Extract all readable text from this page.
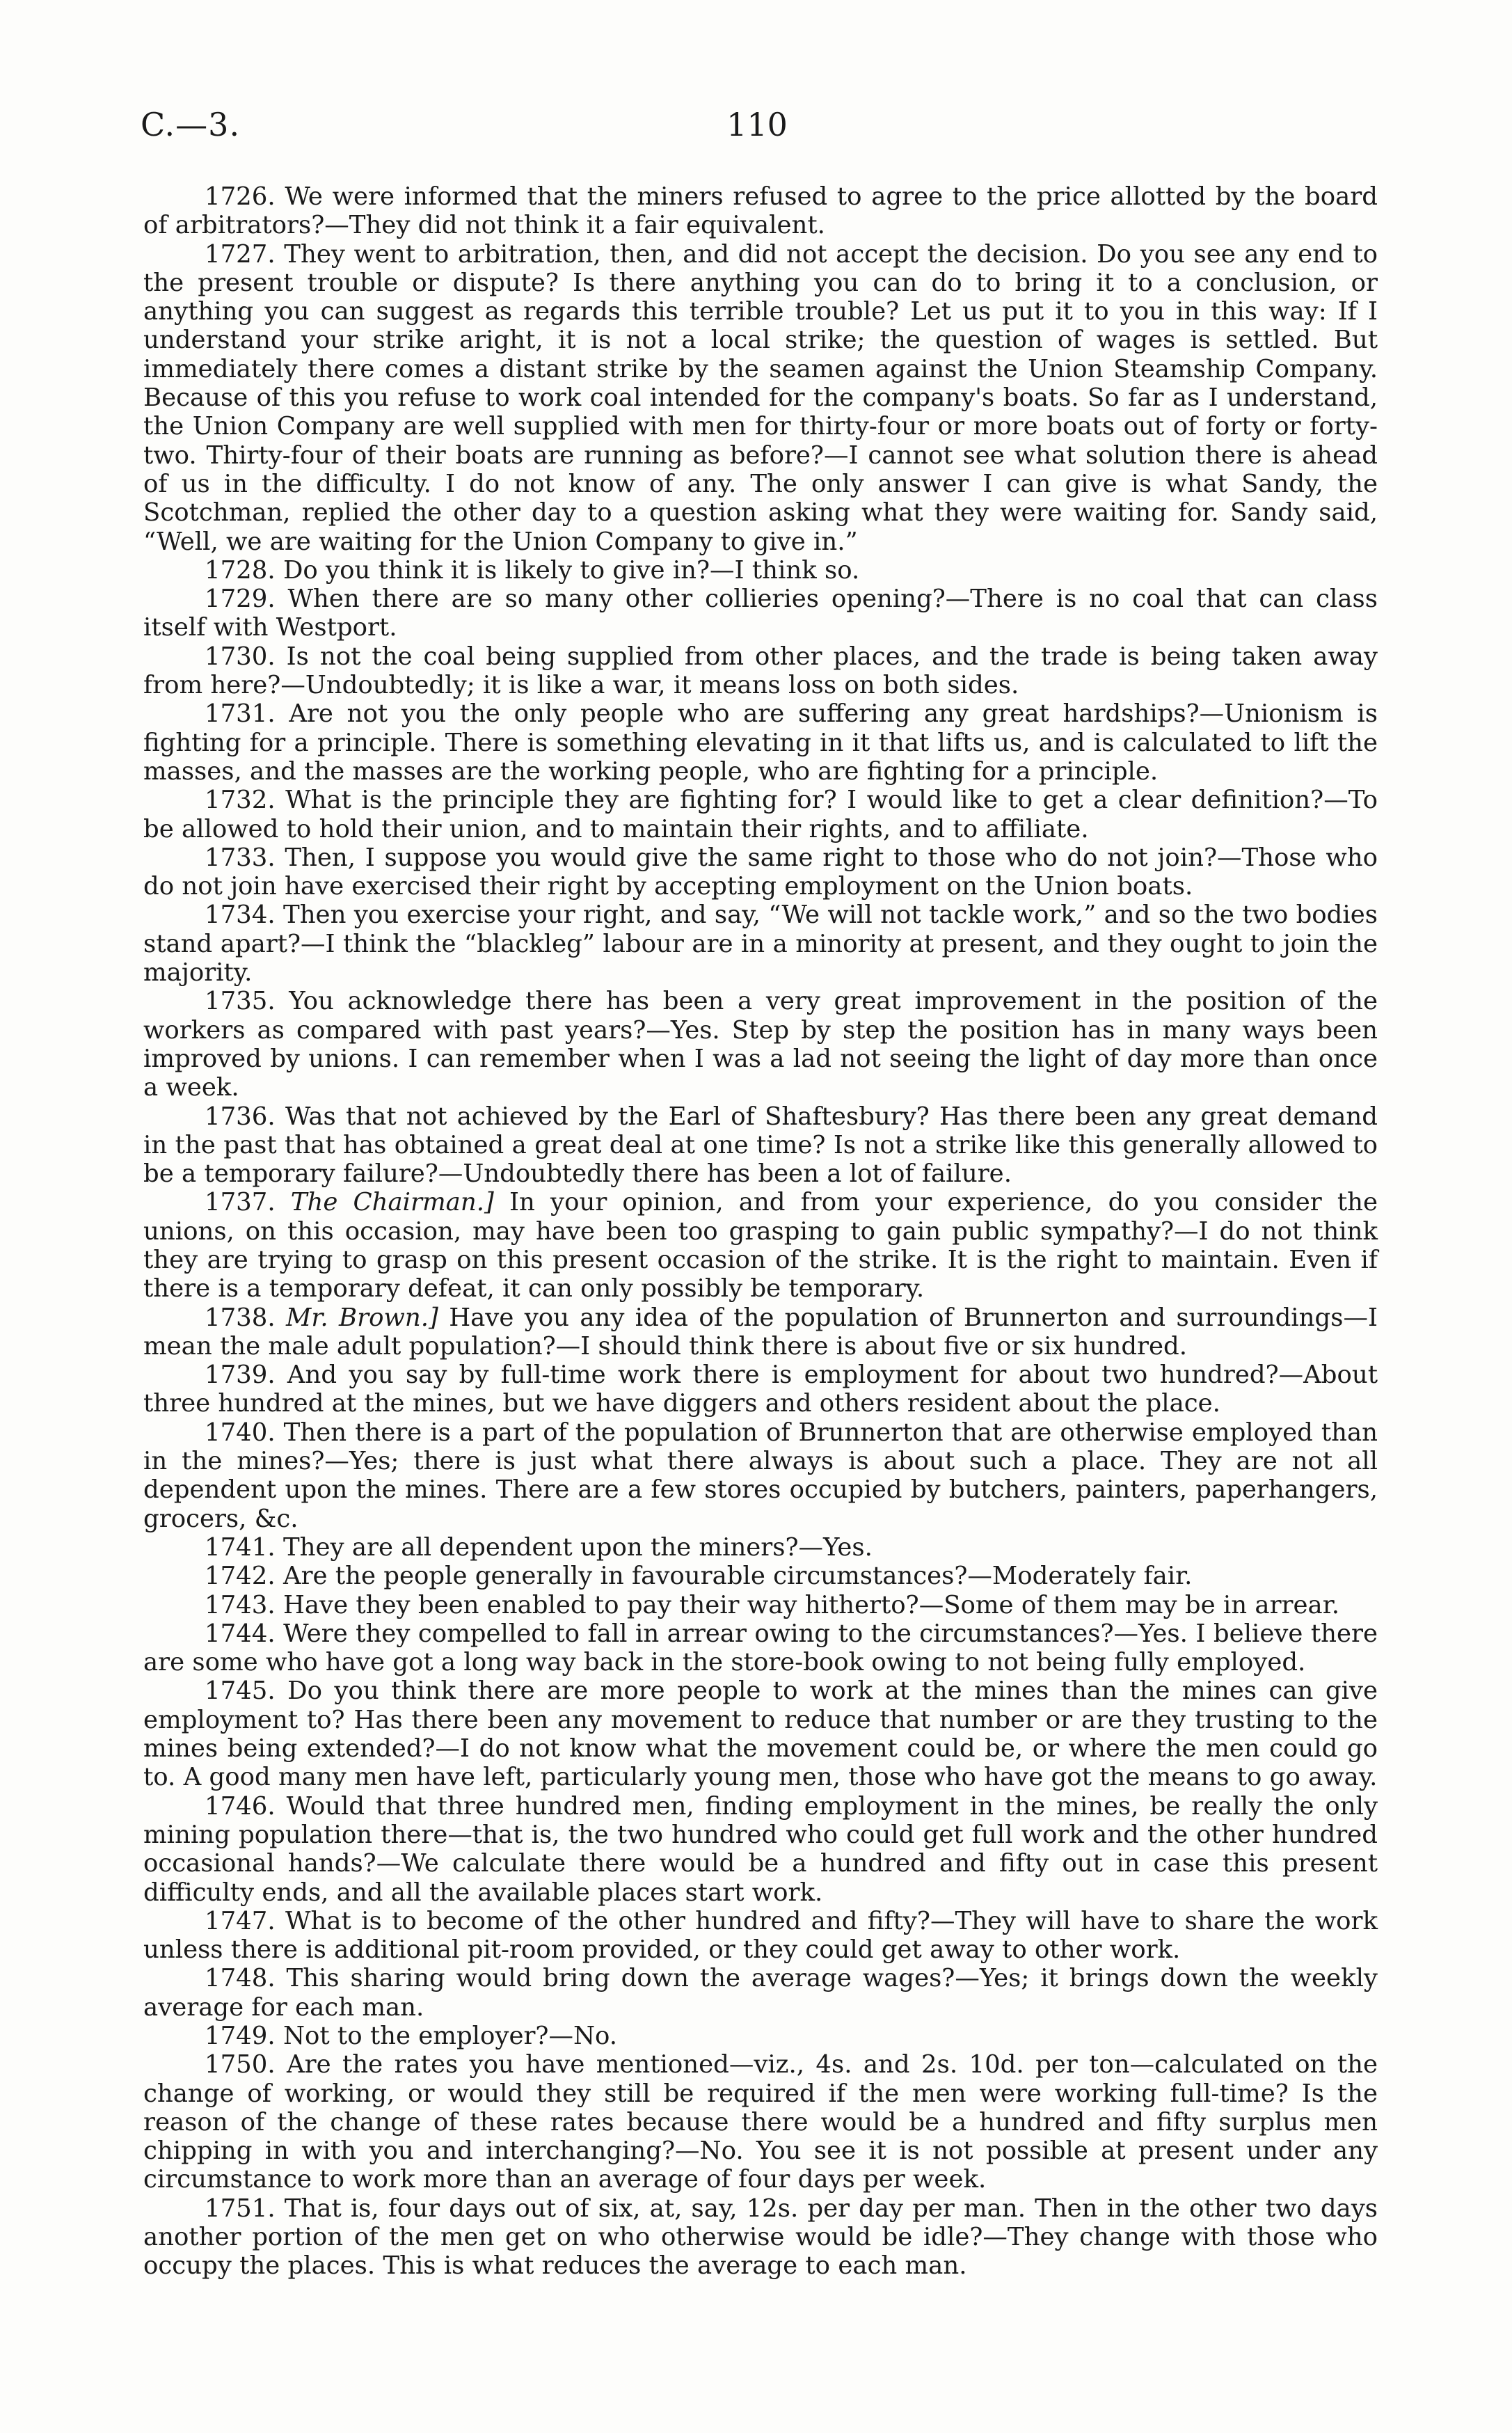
C.—3.	110

1726. We were informed that the miners refused to agree to the price allotted by the board of arbitrators?—They did not think it a fair equivalent.

1727. They went to arbitration, then, and did not accept the decision. Do you see any end to the present trouble or dispute? Is there anything you can do to bring it to a conclusion, or anything you can suggest as regards this terrible trouble? Let us put it to you in this way: If I understand your strike aright, it is not a local strike; the question of wages is settled. But immediately there comes a distant strike by the seamen against the Union Steamship Company. Because of this you refuse to work coal intended for the company's boats. So far as I understand, the Union Company are well supplied with men for thirty-four or more boats out of forty or forty-two. Thirty-four of their boats are running as before?—I cannot see what solution there is ahead of us in the difficulty. I do not know of any. The only answer I can give is what Sandy, the Scotchman, replied the other day to a question asking what they were waiting for. Sandy said, “Well, we are waiting for the Union Company to give in.”

1728. Do you think it is likely to give in?—I think so.

1729. When there are so many other collieries opening?—There is no coal that can class itself with Westport.

1730. Is not the coal being supplied from other places, and the trade is being taken away from here?—Undoubtedly; it is like a war, it means loss on both sides.

1731. Are not you the only people who are suffering any great hardships?—Unionism is fighting for a principle. There is something elevating in it that lifts us, and is calculated to lift the masses, and the masses are the working people, who are fighting for a principle.

1732. What is the principle they are fighting for? I would like to get a clear definition?—To be allowed to hold their union, and to maintain their rights, and to affiliate.

1733. Then, I suppose you would give the same right to those who do not join?—Those who do not join have exercised their right by accepting employment on the Union boats.

1734. Then you exercise your right, and say, “We will not tackle work,” and so the two bodies stand apart?—I think the “blackleg” labour are in a minority at present, and they ought to join the majority.

1735. You acknowledge there has been a very great improvement in the position of the workers as compared with past years?—Yes. Step by step the position has in many ways been improved by unions. I can remember when I was a lad not seeing the light of day more than once a week.

1736. Was that not achieved by the Earl of Shaftesbury? Has there been any great demand in the past that has obtained a great deal at one time? Is not a strike like this generally allowed to be a temporary failure?—Undoubtedly there has been a lot of failure.

1737. The Chairman.] In your opinion, and from your experience, do you consider the unions, on this occasion, may have been too grasping to gain public sympathy?—I do not think they are trying to grasp on this present occasion of the strike. It is the right to maintain. Even if there is a temporary defeat, it can only possibly be temporary.

1738. Mr. Brown.] Have you any idea of the population of Brunnerton and surroundings—I mean the male adult population?—I should think there is about five or six hundred.

1739. And you say by full-time work there is employment for about two hundred?—About three hundred at the mines, but we have diggers and others resident about the place.

1740. Then there is a part of the population of Brunnerton that are otherwise employed than in the mines?—Yes; there is just what there always is about such a place. They are not all dependent upon the mines. There are a few stores occupied by butchers, painters, paperhangers, grocers, &c.

1741. They are all dependent upon the miners?—Yes.

1742. Are the people generally in favourable circumstances?—Moderately fair.

1743. Have they been enabled to pay their way hitherto?—Some of them may be in arrear.

1744. Were they compelled to fall in arrear owing to the circumstances?—Yes. I believe there are some who have got a long way back in the store-book owing to not being fully employed.

1745. Do you think there are more people to work at the mines than the mines can give employment to? Has there been any movement to reduce that number or are they trusting to the mines being extended?—I do not know what the movement could be, or where the men could go to. A good many men have left, particularly young men, those who have got the means to go away.

1746. Would that three hundred men, finding employment in the mines, be really the only mining population there—that is, the two hundred who could get full work and the other hundred occasional hands?—We calculate there would be a hundred and fifty out in case this present difficulty ends, and all the available places start work.

1747. What is to become of the other hundred and fifty?—They will have to share the work unless there is additional pit-room provided, or they could get away to other work.

1748. This sharing would bring down the average wages?—Yes; it brings down the weekly average for each man.

1749. Not to the employer?—No.

1750. Are the rates you have mentioned—viz., 4s. and 2s. 10d. per ton—calculated on the change of working, or would they still be required if the men were working full-time? Is the reason of the change of these rates because there would be a hundred and fifty surplus men chipping in with you and interchanging?—No. You see it is not possible at present under any circumstance to work more than an average of four days per week.

1751. That is, four days out of six, at, say, 12s. per day per man. Then in the other two days another portion of the men get on who otherwise would be idle?—They change with those who occupy the places. This is what reduces the average to each man.
